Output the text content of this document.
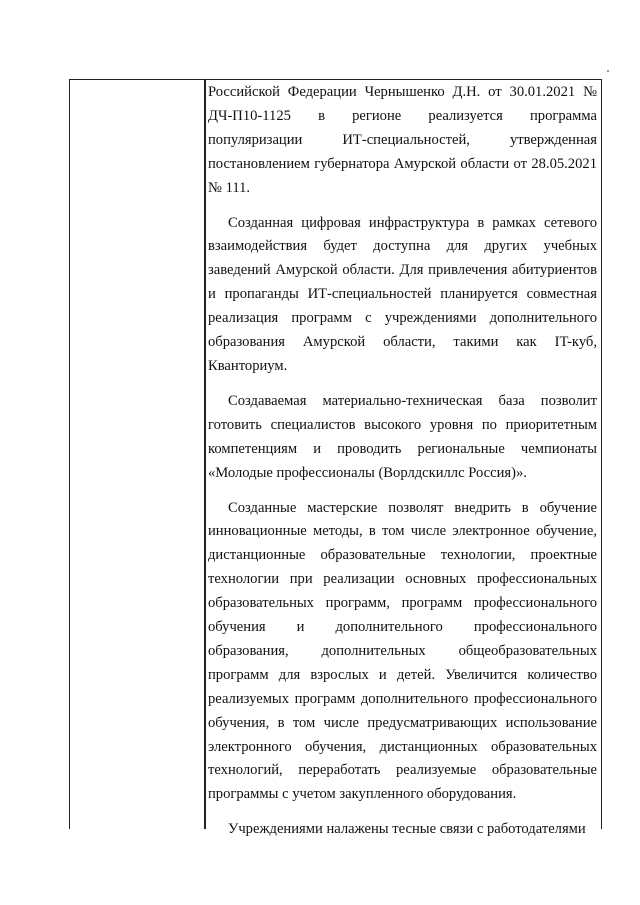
Российской Федерации Чернышенко Д.Н. от 30.01.2021 № ДЧ-П10-1125 в регионе реализуется программа популяризации ИТ-специальностей, утвержденная постановлением губернатора Амурской области от 28.05.2021 № 111.

Созданная цифровая инфраструктура в рамках сетевого взаимодействия будет доступна для других учебных заведений Амурской области. Для привлечения абитуриентов и пропаганды ИТ-специальностей планируется совместная реализация программ с учреждениями дополнительного образования Амурской области, такими как IT-куб, Кванториум.

Создаваемая материально-техническая база позволит готовить специалистов высокого уровня по приоритетным компетенциям и проводить региональные чемпионаты «Молодые профессионалы (Ворлдскиллс Россия)».

Созданные мастерские позволят внедрить в обучение инновационные методы, в том числе электронное обучение, дистанционные образовательные технологии, проектные технологии при реализации основных профессиональных образовательных программ, программ профессионального обучения и дополнительного профессионального образования, дополнительных общеобразовательных программ для взрослых и детей. Увеличится количество реализуемых программ дополнительного профессионального обучения, в том числе предусматривающих использование электронного обучения, дистанционных образовательных технологий, переработать реализуемые образовательные программы с учетом закупленного оборудования.

Учреждениями налажены тесные связи с работодателями
